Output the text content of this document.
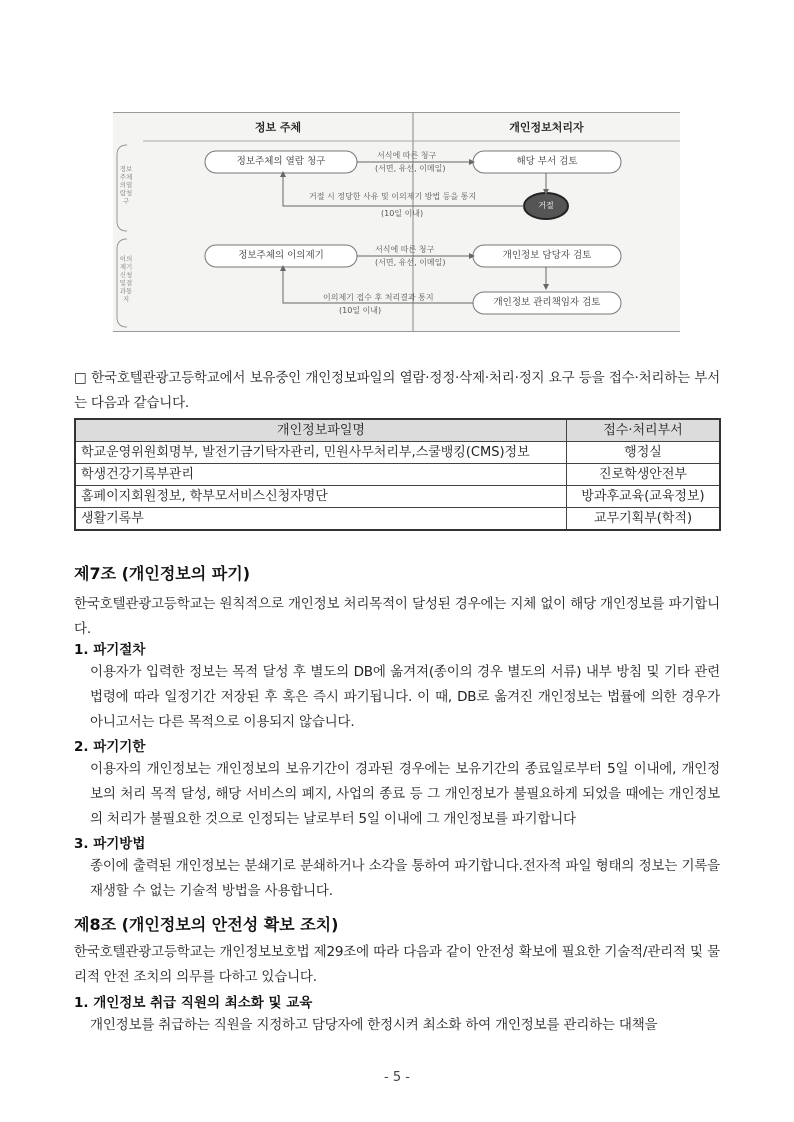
정보 주체	개인정보처리자
정보주체의열람청구
이의제기신청및결과통지
정보주체의 열람 청구	해당 부서 검토
정보주체의 이의제기	개인정보 담당자 검토
개인정보 관리책임자 검토
거절
서식에 따른 청구
(서면, 유선, 이메일)
거절 시 정당한 사유 및 이의제기 방법 등을 통지
(10일 이내)
서식에 따른 청구
(서면, 유선, 이메일)
이의제기 접수 후 처리결과 통지
(10일 이내)
□ 한국호텔관광고등학교에서 보유중인 개인정보파일의 열람·정정·삭제·처리·정지 요구 등을 접수·처리하는 부서는 다음과 같습니다.
개인정보파일명	접수·처리부서
학교운영위원회명부, 발전기금기탁자관리, 민원사무처리부,스쿨뱅킹(CMS)정보	행정실
학생건강기록부관리	진로학생안전부
홈페이지회원정보, 학부모서비스신청자명단	방과후교육(교육정보)
생활기록부	교무기획부(학적)
제7조 (개인정보의 파기)
한국호텔관광고등학교는 원칙적으로 개인정보 처리목적이 달성된 경우에는 지체 없이 해당 개인정보를 파기합니다.
1. 파기절차
이용자가 입력한 정보는 목적 달성 후 별도의 DB에 옮겨져(종이의 경우 별도의 서류) 내부 방침 및 기타 관련 법령에 따라 일정기간 저장된 후 혹은 즉시 파기됩니다. 이 때, DB로 옮겨진 개인정보는 법률에 의한 경우가 아니고서는 다른 목적으로 이용되지 않습니다.
2. 파기기한
이용자의 개인정보는 개인정보의 보유기간이 경과된 경우에는 보유기간의 종료일로부터 5일 이내에, 개인정보의 처리 목적 달성, 해당 서비스의 폐지, 사업의 종료 등 그 개인정보가 불필요하게 되었을 때에는 개인정보의 처리가 불필요한 것으로 인정되는 날로부터 5일 이내에 그 개인정보를 파기합니다
3. 파기방법
종이에 출력된 개인정보는 분쇄기로 분쇄하거나 소각을 통하여 파기합니다.전자적 파일 형태의 정보는 기록을 재생할 수 없는 기술적 방법을 사용합니다.
제8조 (개인정보의 안전성 확보 조치)
한국호텔관광고등학교는 개인정보보호법 제29조에 따라 다음과 같이 안전성 확보에 필요한 기술적/관리적 및 물리적 안전 조치의 의무를 다하고 있습니다.
1. 개인정보 취급 직원의 최소화 및 교육
개인정보를 취급하는 직원을 지정하고 담당자에 한정시켜 최소화 하여 개인정보를 관리하는 대책을
- 5 -
